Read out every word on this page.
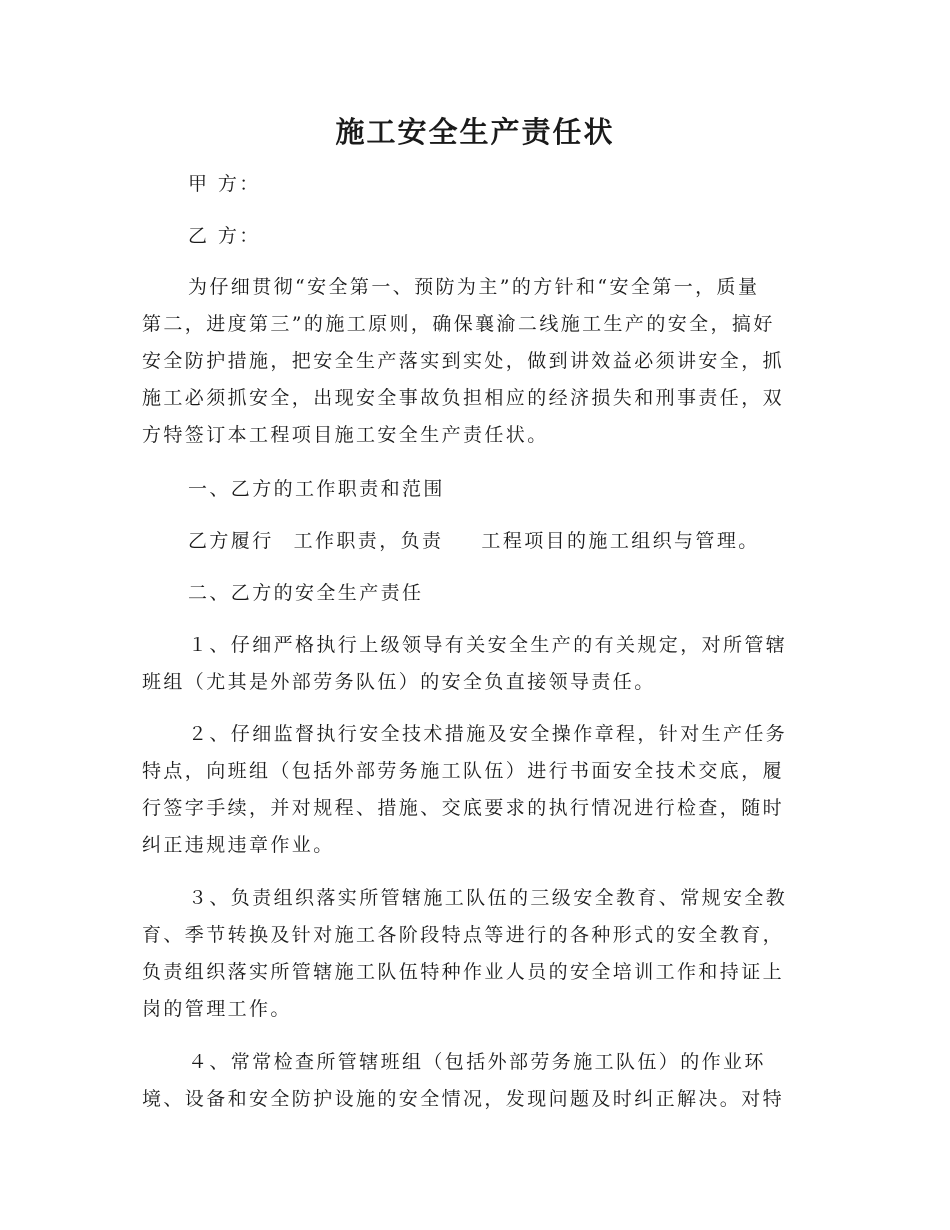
施工安全生产责任状
甲 方：
乙 方：
为仔细贯彻“安全第一、预防为主”的方针和“安全第一，质量
第二，进度第三”的施工原则，确保襄渝二线施工生产的安全，搞好
安全防护措施，把安全生产落实到实处，做到讲效益必须讲安全，抓
施工必须抓安全，出现安全事故负担相应的经济损失和刑事责任，双
方特签订本工程项目施工安全生产责任状。
一、乙方的工作职责和范围
乙方履行 工作职责，负责 工程项目的施工组织与管理。
二、乙方的安全生产责任
１、仔细严格执行上级领导有关安全生产的有关规定，对所管辖
班组（尤其是外部劳务队伍）的安全负直接领导责任。
２、仔细监督执行安全技术措施及安全操作章程，针对生产任务
特点，向班组（包括外部劳务施工队伍）进行书面安全技术交底，履
行签字手续，并对规程、措施、交底要求的执行情况进行检查，随时
纠正违规违章作业。
３、负责组织落实所管辖施工队伍的三级安全教育、常规安全教
育、季节转换及针对施工各阶段特点等进行的各种形式的安全教育，
负责组织落实所管辖施工队伍特种作业人员的安全培训工作和持证上
岗的管理工作。
４、常常检查所管辖班组（包括外部劳务施工队伍）的作业环
境、设备和安全防护设施的安全情况，发现问题及时纠正解决。对特
